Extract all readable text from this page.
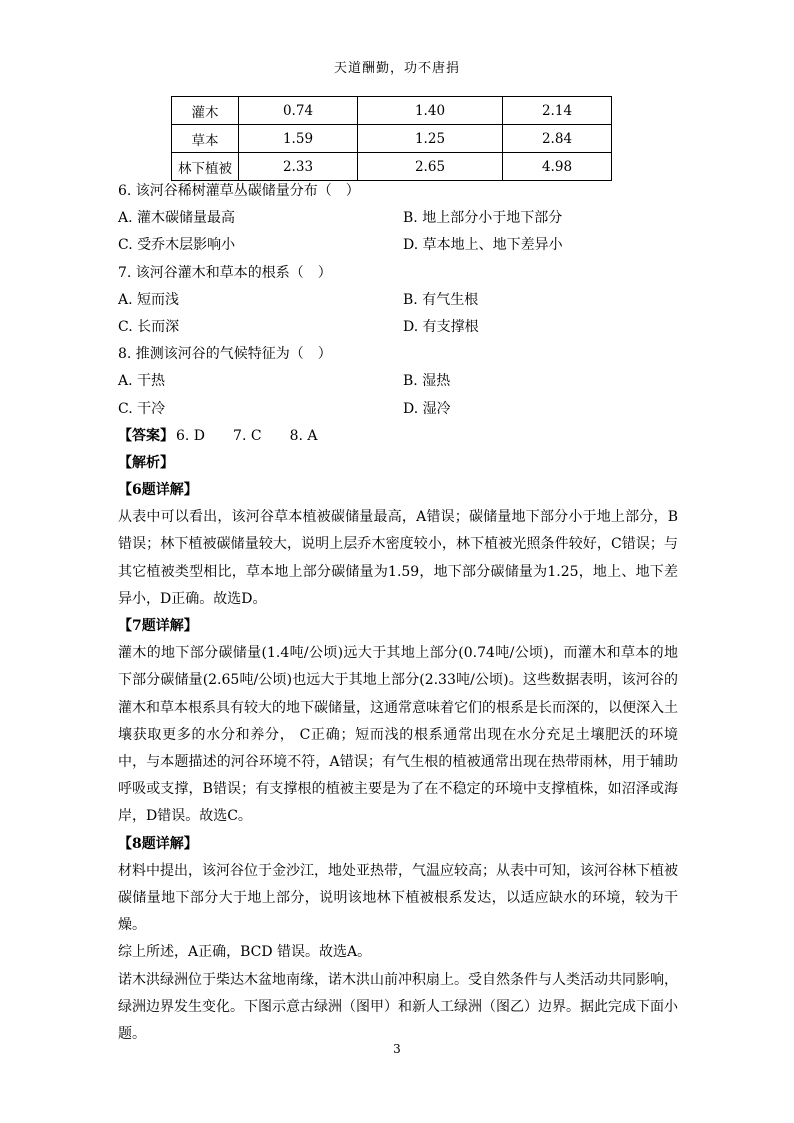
天道酬勤，功不唐捐
灌木	0.74	1.40	2.14
草本	1.59	1.25	2.84
林下植被	2.33	2.65	4.98
6. 该河谷稀树灌草丛碳储量分布（　）
A. 灌木碳储量最高	B. 地上部分小于地下部分
C. 受乔木层影响小	D. 草本地上、地下差异小
7. 该河谷灌木和草本的根系（　）
A. 短而浅	B. 有气生根
C. 长而深	D. 有支撑根
8. 推测该河谷的气候特征为（　）
A. 干热	B. 湿热
C. 干冷	D. 湿冷
【答案】 6. D 7. C 8. A
【解析】
【6题详解】
从表中可以看出，该河谷草本植被碳储量最高，A错误；碳储量地下部分小于地上部分，B错误；林下植被碳储量较大，说明上层乔木密度较小，林下植被光照条件较好，C错误；与其它植被类型相比，草本地上部分碳储量为1.59，地下部分碳储量为1.25，地上、地下差异小，D正确。故选D。
【7题详解】
灌木的地下部分碳储量(1.4吨/公顷)远大于其地上部分(0.74吨/公顷)，而灌木和草本的地下部分碳储量(2.65吨/公顷)也远大于其地上部分(2.33吨/公顷)。这些数据表明，该河谷的灌木和草本根系具有较大的地下碳储量，这通常意味着它们的根系是长而深的，以便深入土壤获取更多的水分和养分， C正确；短而浅的根系通常出现在水分充足土壤肥沃的环境中，与本题描述的河谷环境不符，A错误；有气生根的植被通常出现在热带雨林，用于辅助呼吸或支撑，B错误；有支撑根的植被主要是为了在不稳定的环境中支撑植株，如沼泽或海岸，D错误。故选C。
【8题详解】
材料中提出，该河谷位于金沙江，地处亚热带，气温应较高；从表中可知，该河谷林下植被碳储量地下部分大于地上部分，说明该地林下植被根系发达，以适应缺水的环境，较为干燥。
综上所述，A正确，BCD 错误。故选A。
诺木洪绿洲位于柴达木盆地南缘，诺木洪山前冲积扇上。受自然条件与人类活动共同影响，绿洲边界发生变化。下图示意古绿洲（图甲）和新人工绿洲（图乙）边界。据此完成下面小题。
3
